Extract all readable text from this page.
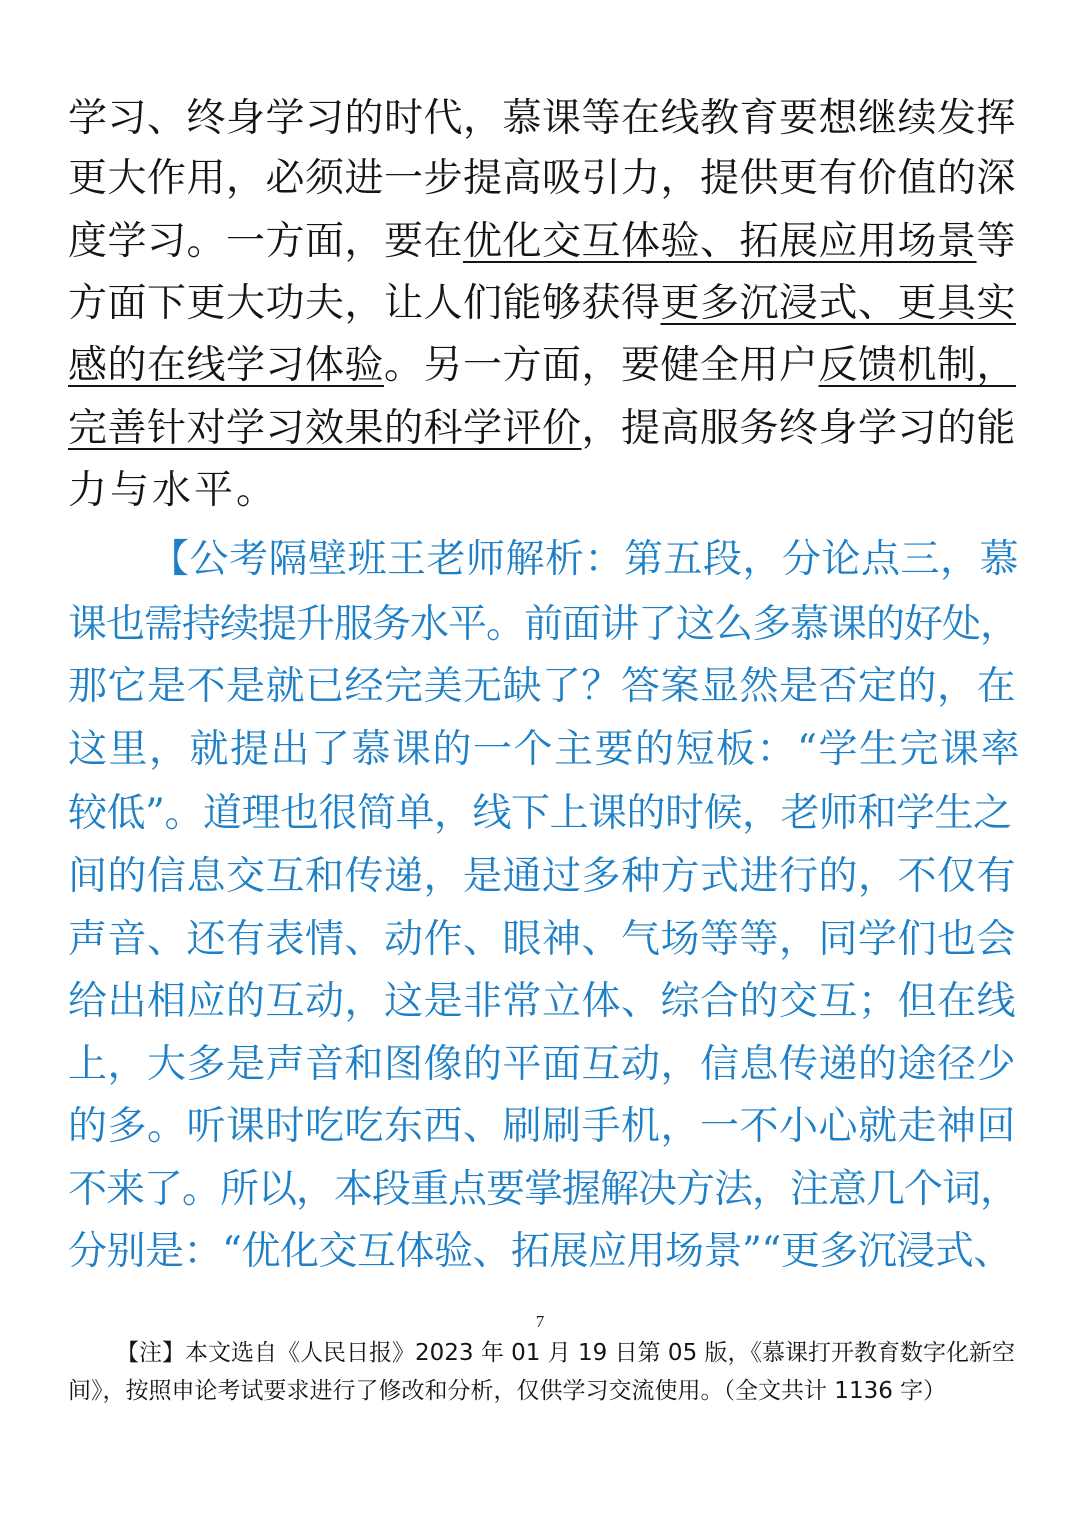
学习、终身学习的时代，慕课等在线教育要想继续发挥
更大作用，必须进一步提高吸引力，提供更有价值的深
度学习。一方面，要在优化交互体验、拓展应用场景等
方面下更大功夫，让人们能够获得更多沉浸式、更具实
感的在线学习体验。另一方面，要健全用户反馈机制，
完善针对学习效果的科学评价，提高服务终身学习的能
力与水平。
【公考隔壁班王老师解析：第五段，分论点三，慕
课也需持续提升服务水平。前面讲了这么多慕课的好处，
那它是不是就已经完美无缺了？答案显然是否定的，在
这里，就提出了慕课的一个主要的短板：“学生完课率
较低”。道理也很简单，线下上课的时候，老师和学生之
间的信息交互和传递，是通过多种方式进行的，不仅有
声音、还有表情、动作、眼神、气场等等，同学们也会
给出相应的互动，这是非常立体、综合的交互；但在线
上，大多是声音和图像的平面互动，信息传递的途径少
的多。听课时吃吃东西、刷刷手机，一不小心就走神回
不来了。所以，本段重点要掌握解决方法，注意几个词，
分别是：“优化交互体验、拓展应用场景”“更多沉浸式、
7
【注】本文选自《人民日报》2023 年 01 月 19 日第 05 版，《慕课打开教育数字化新空间》，按照申论考试要求进行了修改和分析，仅供学习交流使用。（全文共计 1136 字）
